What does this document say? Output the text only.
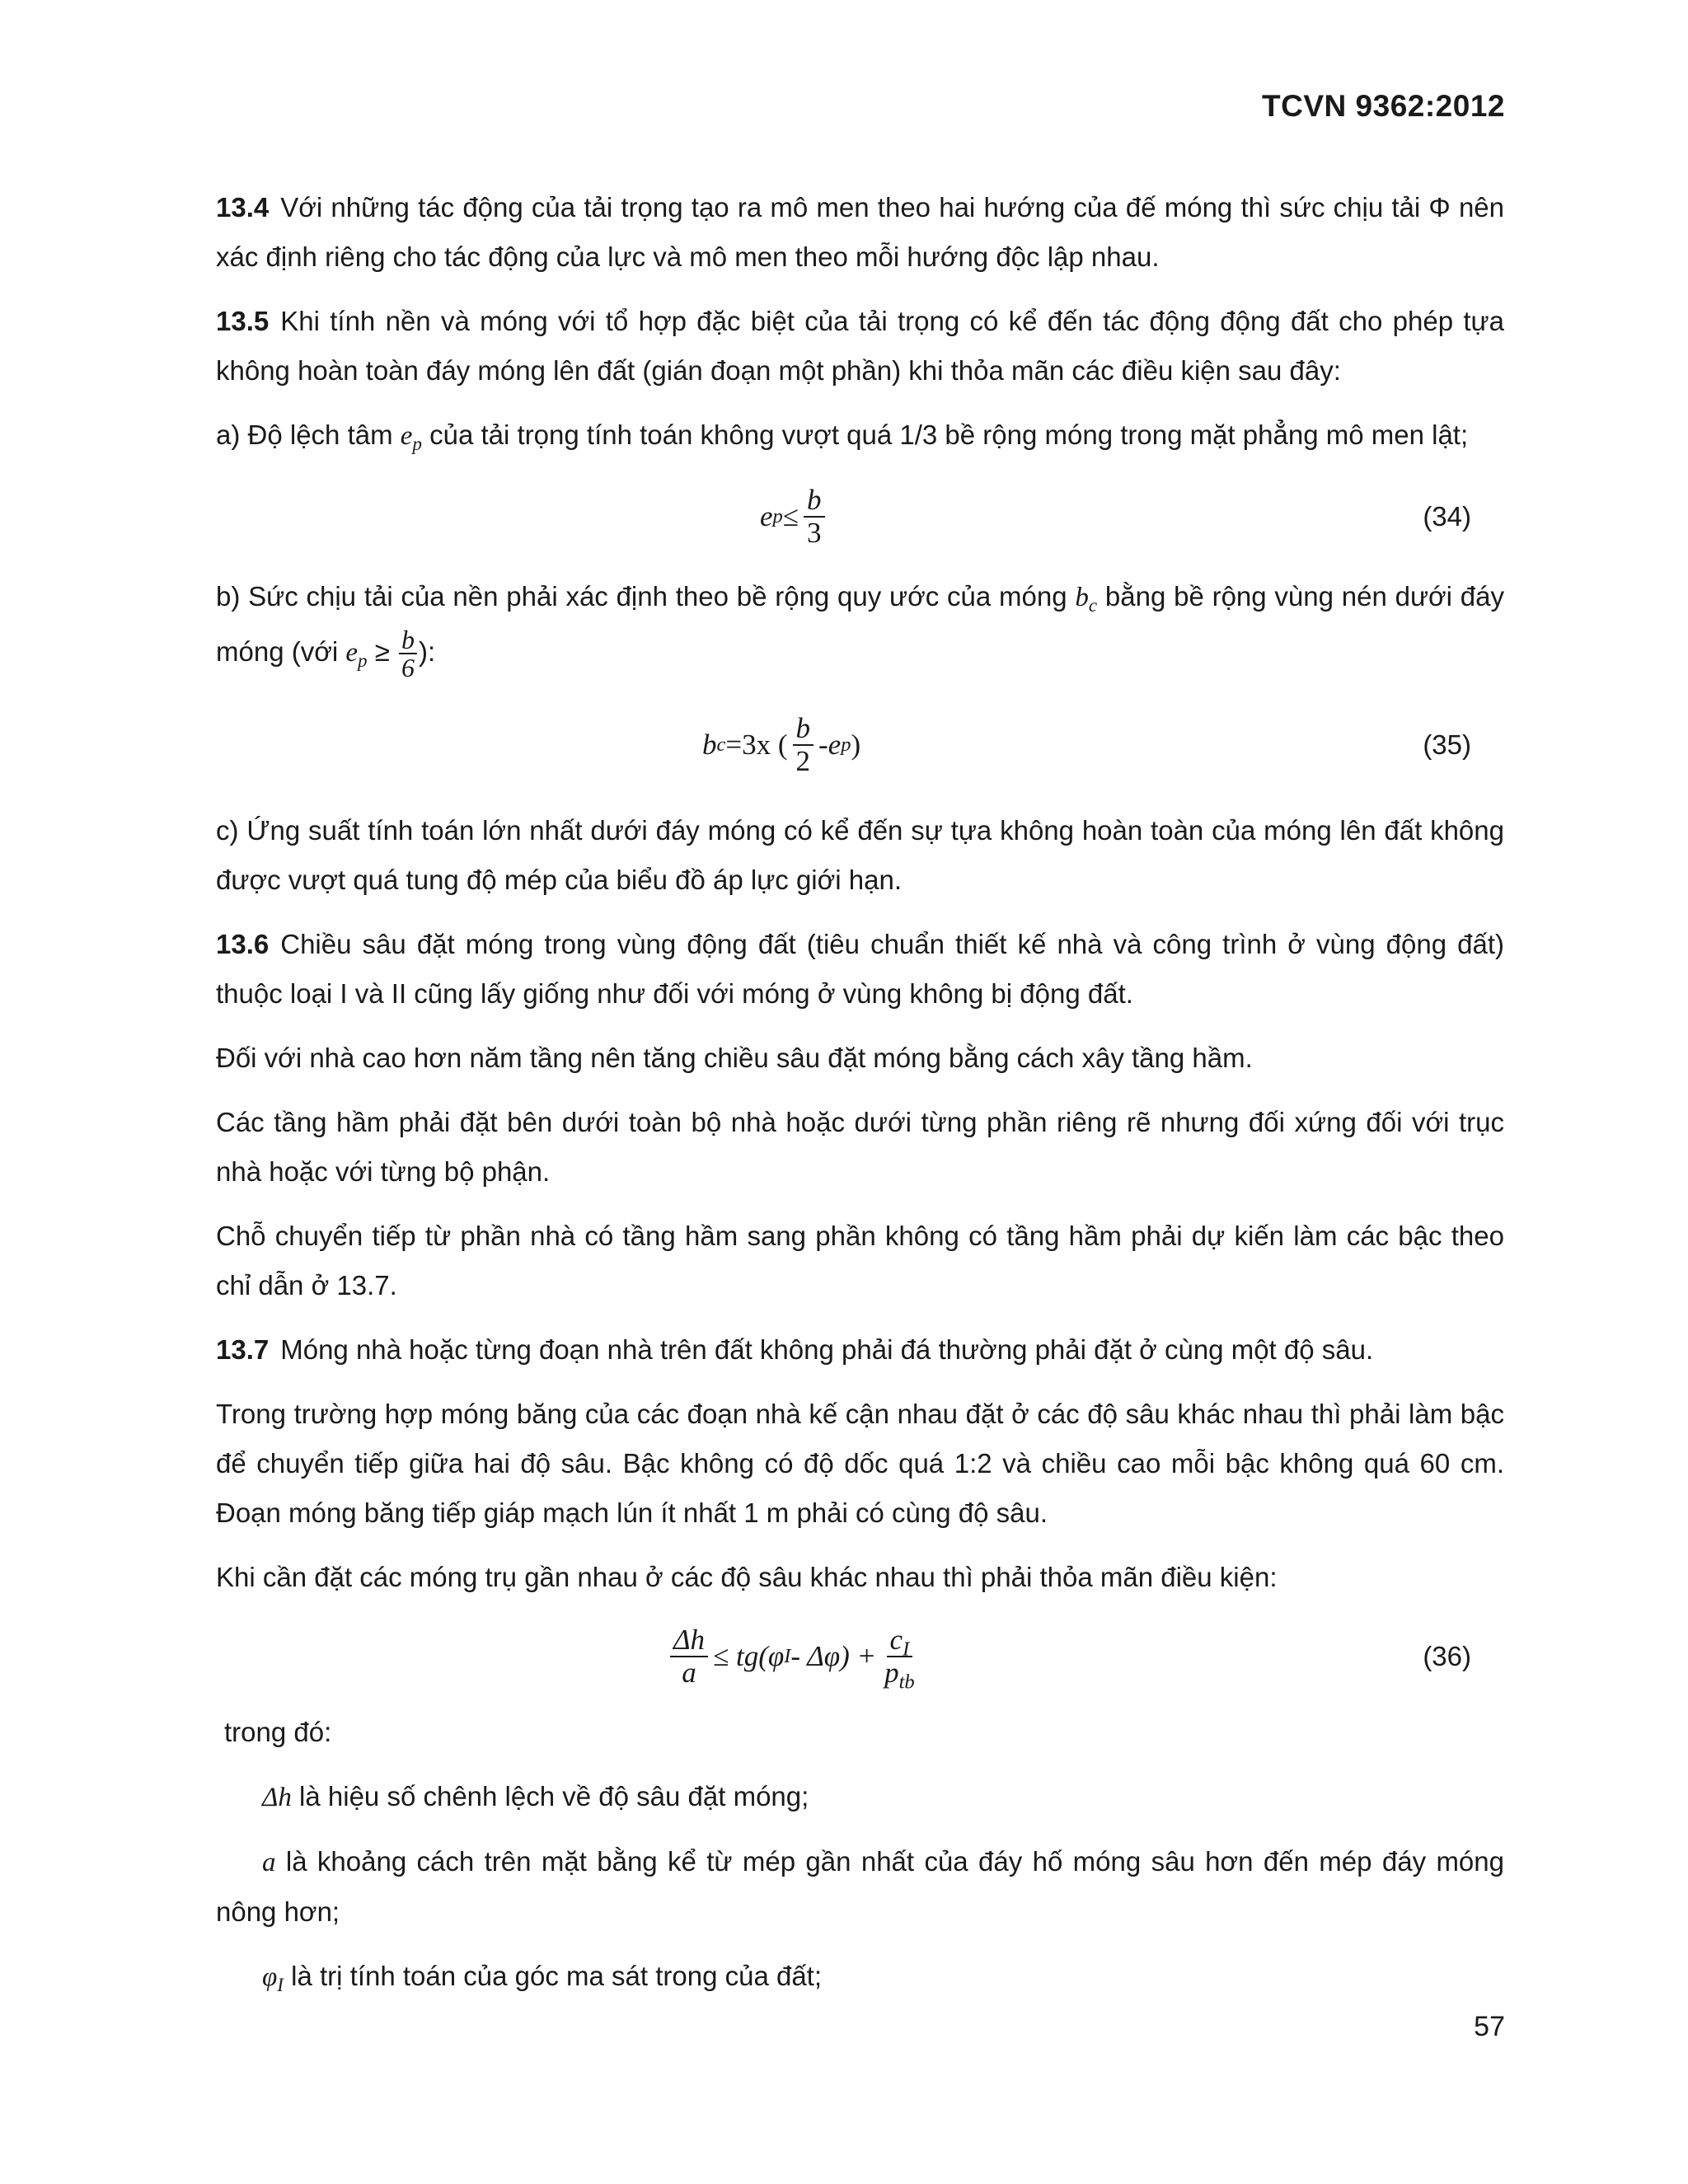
TCVN 9362:2012

13.4 Với những tác động của tải trọng tạo ra mô men theo hai hướng của đế móng thì sức chịu tải Φ nên xác định riêng cho tác động của lực và mô men theo mỗi hướng độc lập nhau.

13.5 Khi tính nền và móng với tổ hợp đặc biệt của tải trọng có kể đến tác động động đất cho phép tựa không hoàn toàn đáy móng lên đất (gián đoạn một phần) khi thỏa mãn các điều kiện sau đây:

a) Độ lệch tâm $e_p$ của tải trọng tính toán không vượt quá 1/3 bề rộng móng trong mặt phẳng mô men lật;

e $p \le \frac{b}{3}$	(34)

b) Sức chịu tải của nền phải xác định theo bề rộng quy ước của móng $b_c$ bằng bề rộng vùng nén dưới đáy móng (với $e_p \ge \frac{b}{6}$ ):

b c =3x ( $\frac{b}{2}$ - e p )	(35)

c) Ứng suất tính toán lớn nhất dưới đáy móng có kể đến sự tựa không hoàn toàn của móng lên đất không được vượt quá tung độ mép của biểu đồ áp lực giới hạn.

13.6 Chiều sâu đặt móng trong vùng động đất (tiêu chuẩn thiết kế nhà và công trình ở vùng động đất) thuộc loại I và II cũng lấy giống như đối với móng ở vùng không bị động đất.

Đối với nhà cao hơn năm tầng nên tăng chiều sâu đặt móng bằng cách xây tầng hầm.

Các tầng hầm phải đặt bên dưới toàn bộ nhà hoặc dưới từng phần riêng rẽ nhưng đối xứng đối với trục nhà hoặc với từng bộ phận.

Chỗ chuyển tiếp từ phần nhà có tầng hầm sang phần không có tầng hầm phải dự kiến làm các bậc theo chỉ dẫn ở 13.7.

13.7 Móng nhà hoặc từng đoạn nhà trên đất không phải đá thường phải đặt ở cùng một độ sâu.

Trong trường hợp móng băng của các đoạn nhà kế cận nhau đặt ở các độ sâu khác nhau thì phải làm bậc để chuyển tiếp giữa hai độ sâu. Bậc không có độ dốc quá 1:2 và chiều cao mỗi bậc không quá 60 cm. Đoạn móng băng tiếp giáp mạch lún ít nhất 1 m phải có cùng độ sâu.

Khi cần đặt các móng trụ gần nhau ở các độ sâu khác nhau thì phải thỏa mãn điều kiện:

$\frac{\Delta h}{a} \le tg(\varphi$ $I - \Delta\varphi) + \frac{c_I}{p_{tb}}$	(36)

trong đó:

Δh là hiệu số chênh lệch về độ sâu đặt móng;

a là khoảng cách trên mặt bằng kể từ mép gần nhất của đáy hố móng sâu hơn đến mép đáy móng nông hơn;

$\varphi_I$ là trị tính toán của góc ma sát trong của đất;

57
